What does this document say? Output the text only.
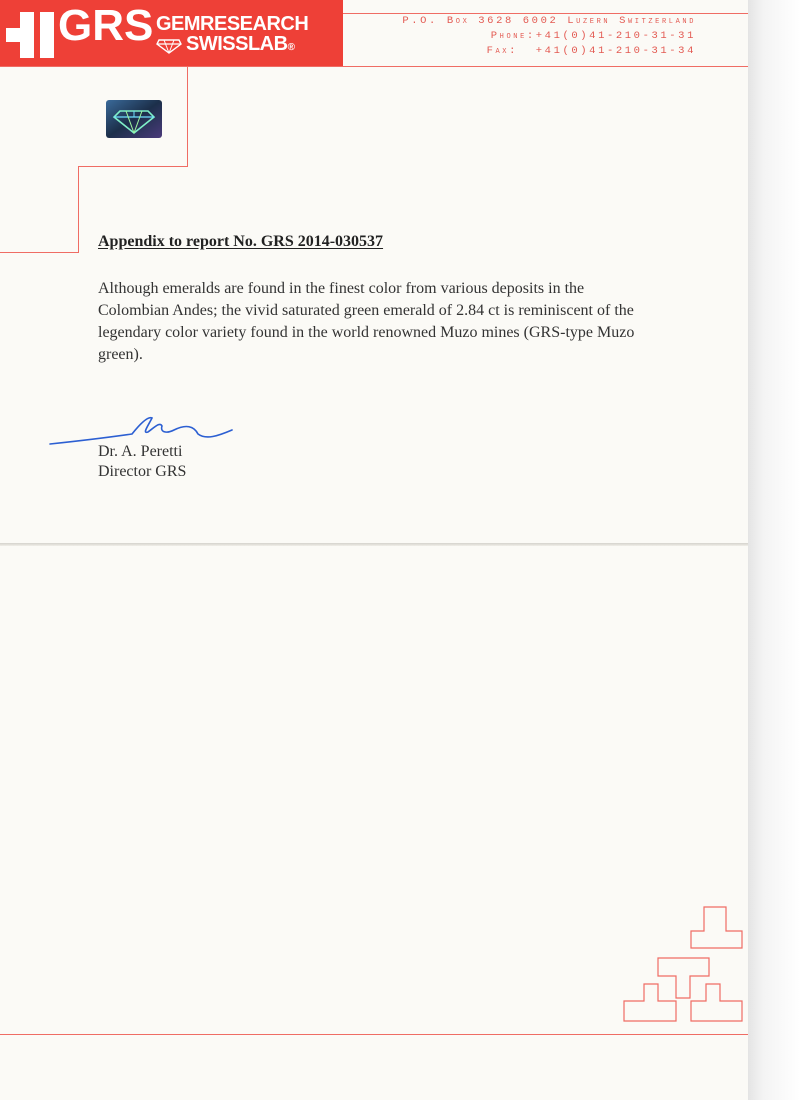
GRS GEMRESEARCH
SWISSLAB®
P.O. Box 3628 6002 Luzern Switzerland
Phone:+41(0)41-210-31-31
Fax:  +41(0)41-210-31-34
Appendix to report No. GRS 2014-030537
Although emeralds are found in the finest color from various deposits in the Colombian Andes; the vivid saturated green emerald of 2.84 ct is reminiscent of the legendary color variety found in the world renowned Muzo mines (GRS-type Muzo green).
Dr. A. Peretti
Director GRS
